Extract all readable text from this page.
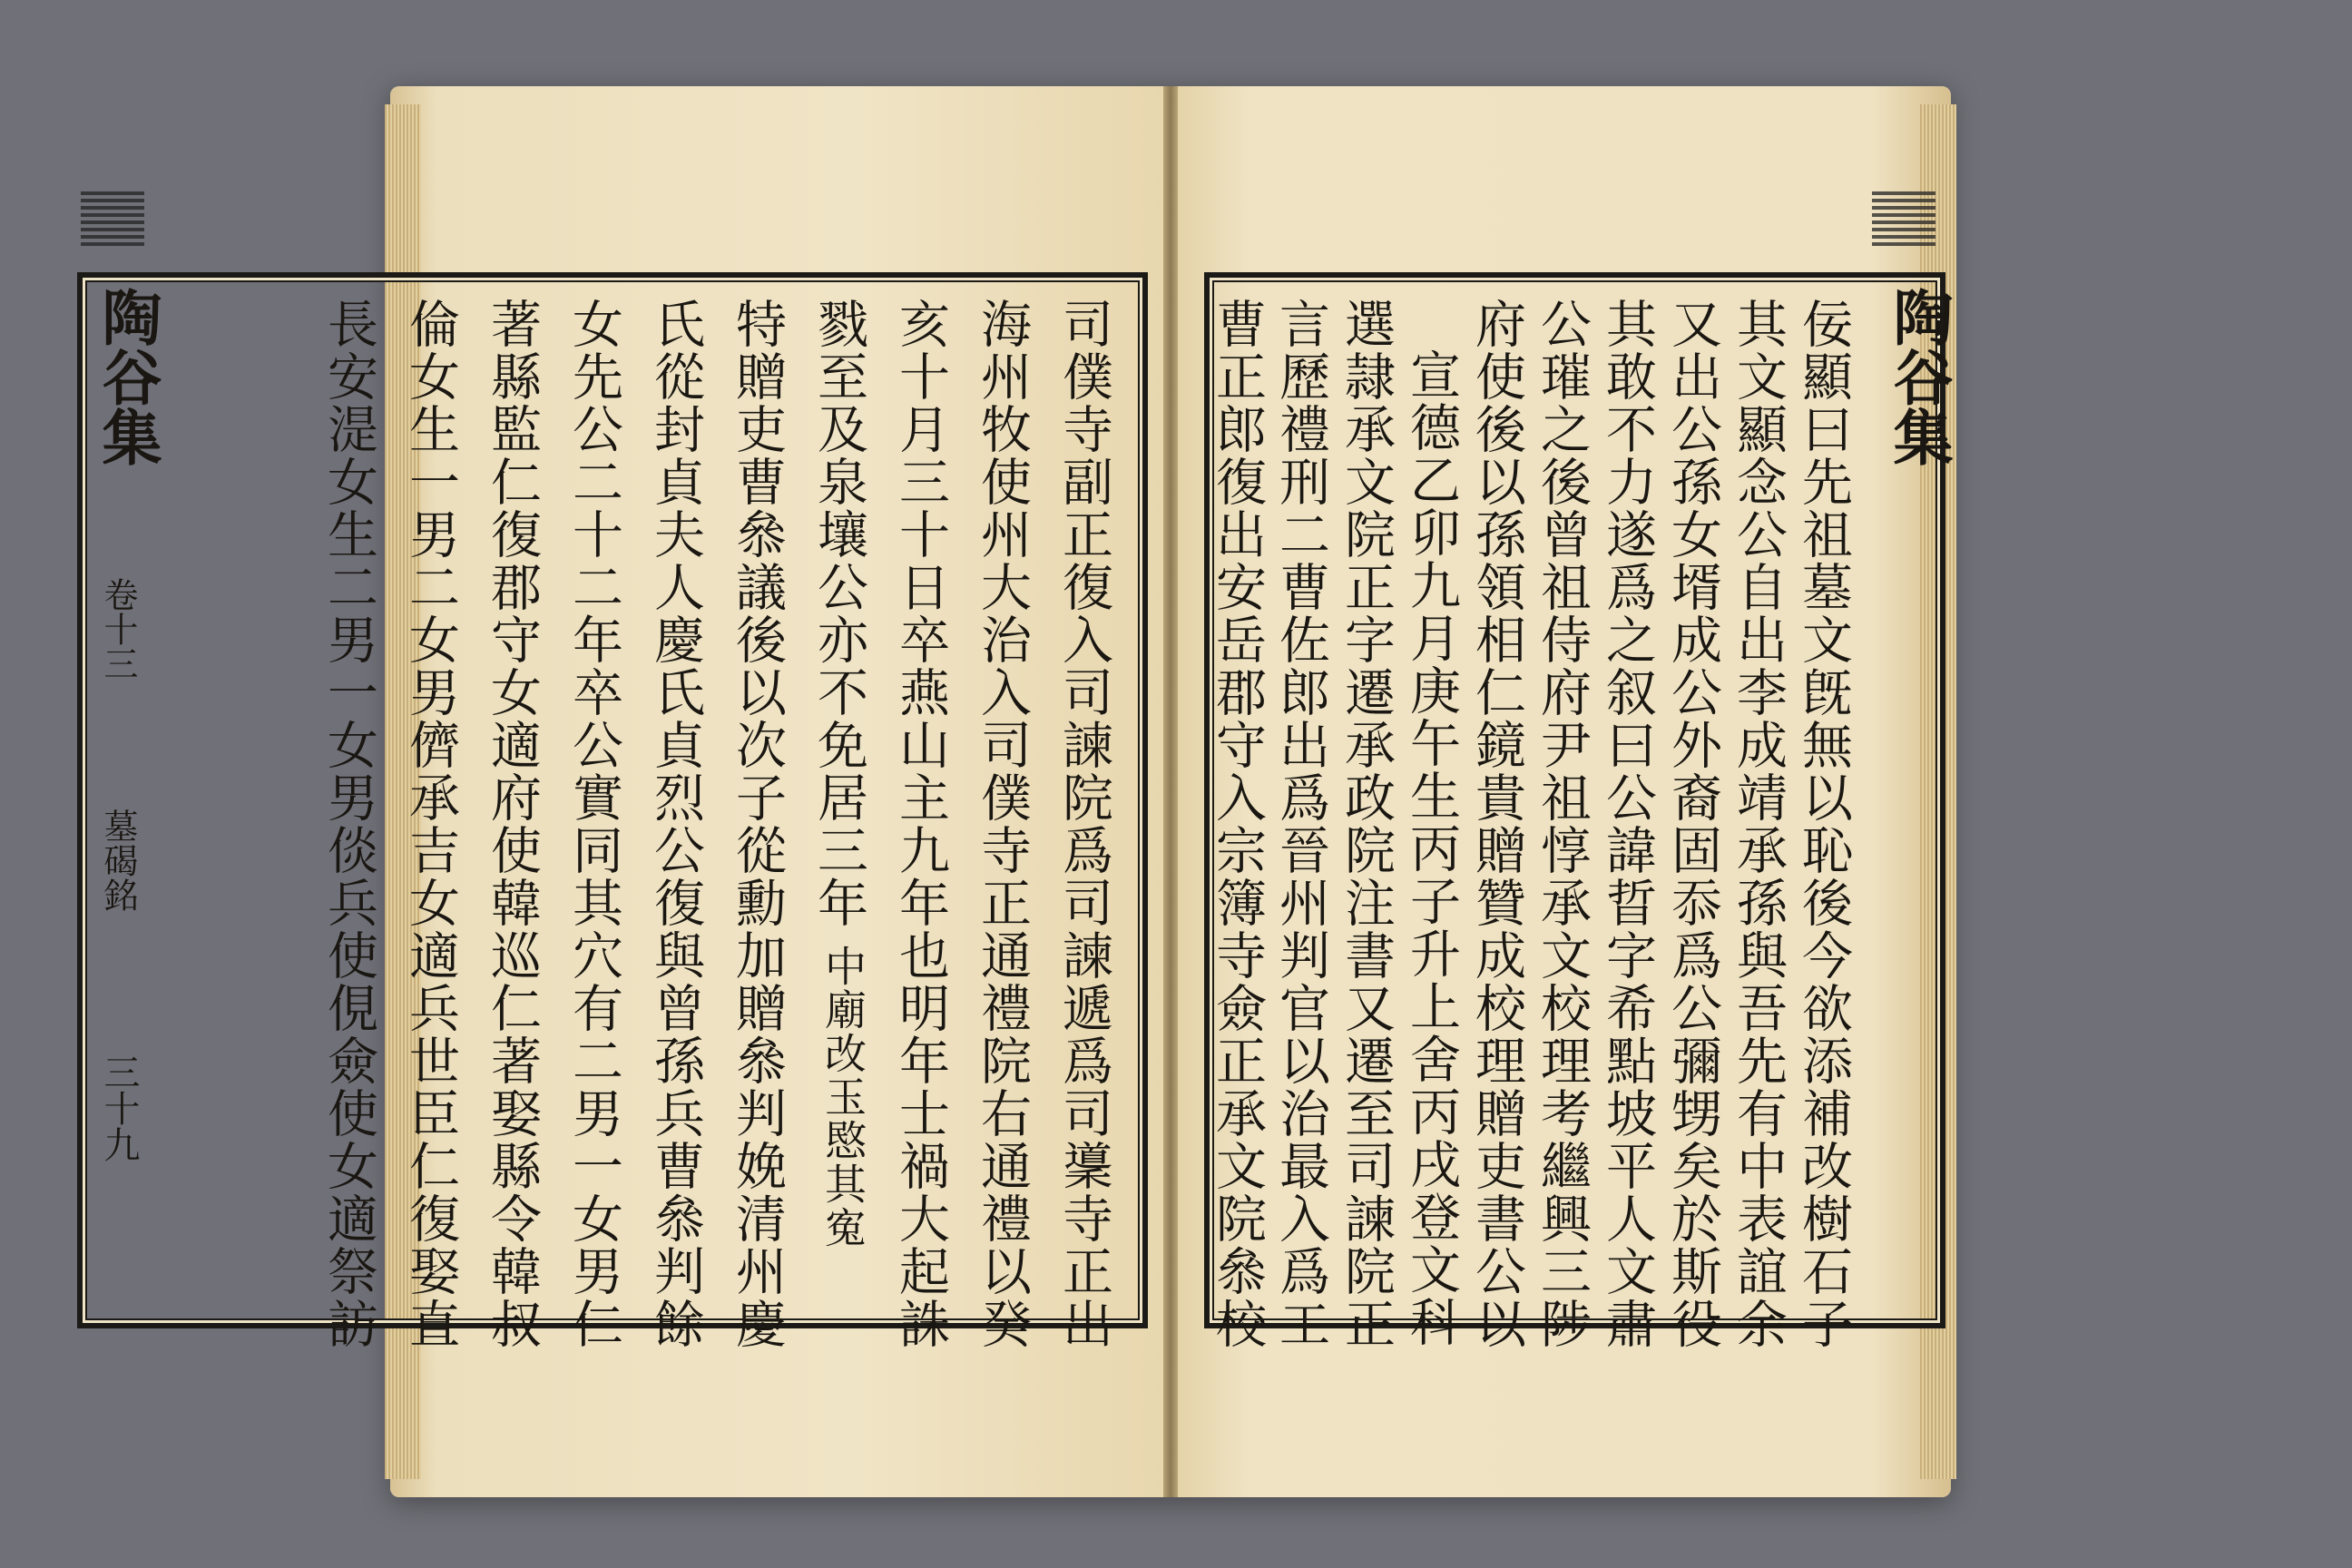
司僕寺副正復入司諫院爲司諫遞爲司䆃寺正出
海州牧使州大治入司僕寺正通禮院右通禮以癸
亥十月三十日卒燕山主九年也明年士禍大起誅
戮至及泉壤公亦不免居三年
中廟改玉愍其寃
特贈吏曹叅議後以次子從勳加贈叅判娩清州慶
氏從封貞夫人慶氏貞烈公復與曾孫兵曹叅判餘
女先公二十二年卒公實同其穴有二男一女男仁
著縣監仁復郡守女適府使韓巡仁著娶縣令韓叔
倫女生一男二女男儕承吉女適兵世臣仁復娶直
長安湜女生二男一女男倓兵使俔僉使女適祭訪
陶谷集
卷十三
墓碣銘
三十九
陶谷集
佞顯曰先祖墓文旣無以恥後今欲添補改樹石子
其文顯念公自出李成靖承孫與吾先有中表誼余
又出公孫女壻成公外裔固忝爲公彌甥矣於斯役
其敢不力遂爲之叙曰公諱晢字希點坡平人文肅
公璀之後曾祖侍府尹祖惇承文校理考繼興三陟
府使後以孫領相仁鏡貴贈贊成校理贈吏書公以
宣德乙卯九月庚午生丙子升上舍丙戌登文科
選隷承文院正字遷承政院注書又遷至司諫院正
言歷禮刑二曹佐郎出爲晉州判官以治最入爲工
曹正郎復出安岳郡守入宗簿寺僉正承文院叅校
